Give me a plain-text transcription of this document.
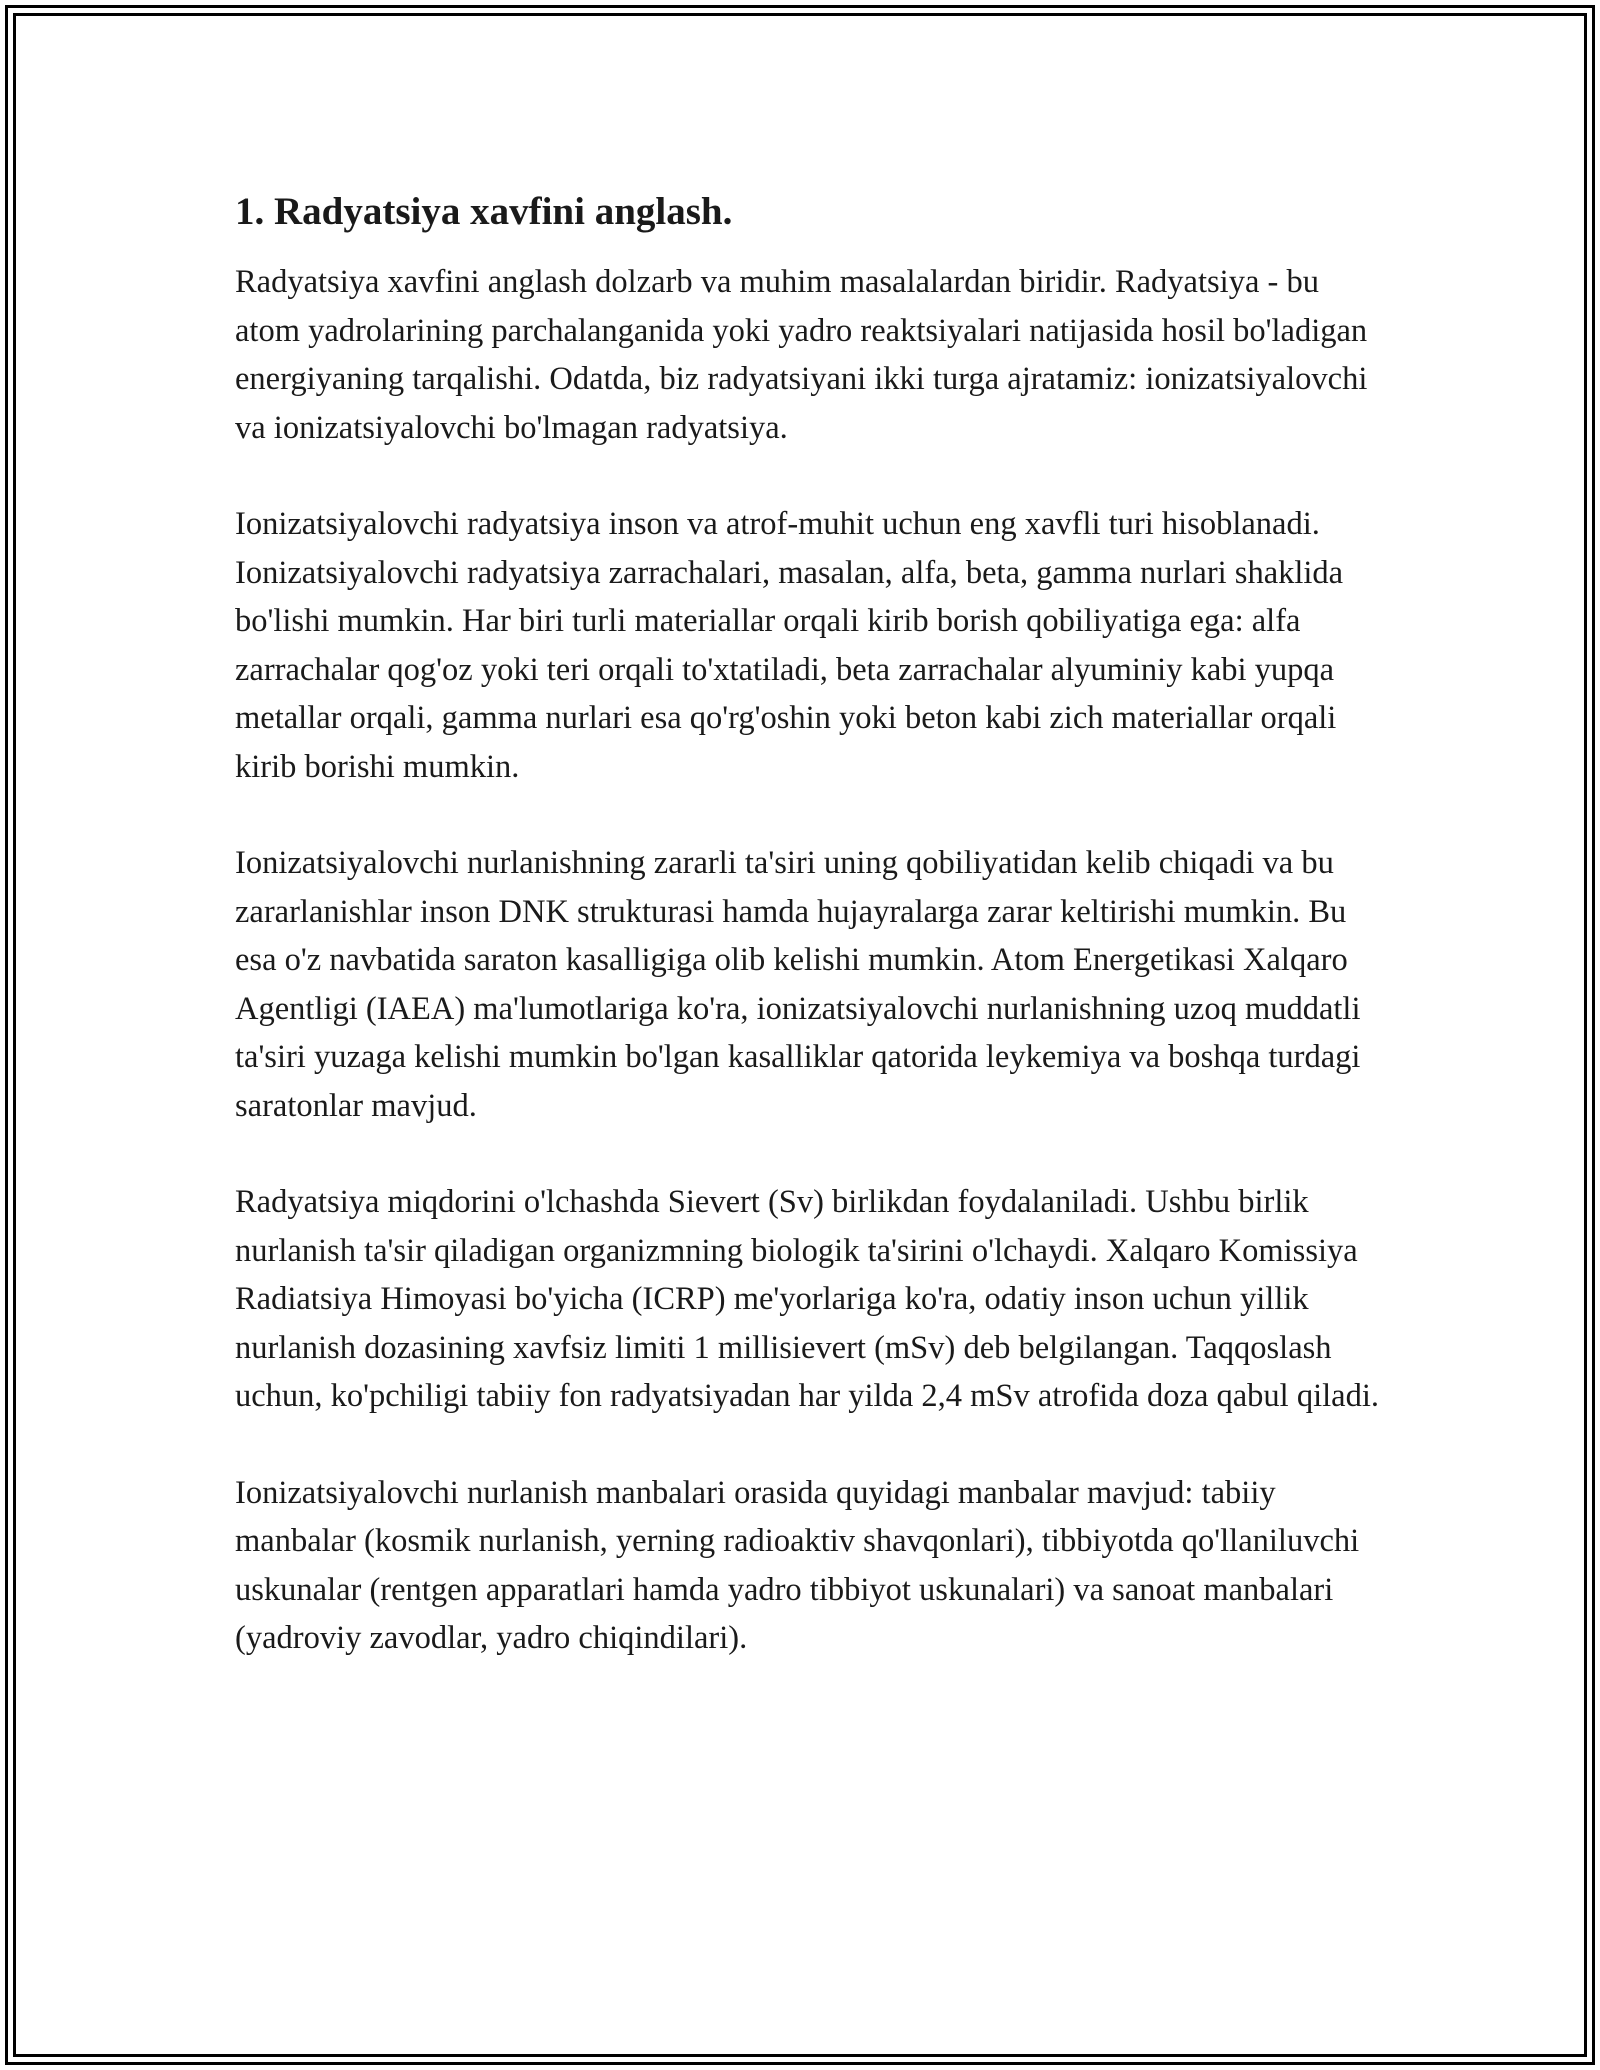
1. Radyatsiya xavfini anglash.

Radyatsiya xavfini anglash dolzarb va muhim masalalardan biridir. Radyatsiya - bu atom yadrolarining parchalanganida yoki yadro reaktsiyalari natijasida hosil bo'ladigan energiyaning tarqalishi. Odatda, biz radyatsiyani ikki turga ajratamiz: ionizatsiyalovchi va ionizatsiyalovchi bo'lmagan radyatsiya.

Ionizatsiyalovchi radyatsiya inson va atrof-muhit uchun eng xavfli turi hisoblanadi. Ionizatsiyalovchi radyatsiya zarrachalari, masalan, alfa, beta, gamma nurlari shaklida bo'lishi mumkin. Har biri turli materiallar orqali kirib borish qobiliyatiga ega: alfa zarrachalar qog'oz yoki teri orqali to'xtatiladi, beta zarrachalar alyuminiy kabi yupqa metallar orqali, gamma nurlari esa qo'rg'oshin yoki beton kabi zich materiallar orqali kirib borishi mumkin.

Ionizatsiyalovchi nurlanishning zararli ta'siri uning qobiliyatidan kelib chiqadi va bu zararlanishlar inson DNK strukturasi hamda hujayralarga zarar keltirishi mumkin. Bu esa o'z navbatida saraton kasalligiga olib kelishi mumkin. Atom Energetikasi Xalqaro Agentligi (IAEA) ma'lumotlariga ko'ra, ionizatsiyalovchi nurlanishning uzoq muddatli ta'siri yuzaga kelishi mumkin bo'lgan kasalliklar qatorida leykemiya va boshqa turdagi saratonlar mavjud.

Radyatsiya miqdorini o'lchashda Sievert (Sv) birlikdan foydalaniladi. Ushbu birlik nurlanish ta'sir qiladigan organizmning biologik ta'sirini o'lchaydi. Xalqaro Komissiya Radiatsiya Himoyasi bo'yicha (ICRP) me'yorlariga ko'ra, odatiy inson uchun yillik nurlanish dozasining xavfsiz limiti 1 millisievert (mSv) deb belgilangan. Taqqoslash uchun, ko'pchiligi tabiiy fon radyatsiyadan har yilda 2,4 mSv atrofida doza qabul qiladi.

Ionizatsiyalovchi nurlanish manbalari orasida quyidagi manbalar mavjud: tabiiy manbalar (kosmik nurlanish, yerning radioaktiv shavqonlari), tibbiyotda qo'llaniluvchi uskunalar (rentgen apparatlari hamda yadro tibbiyot uskunalari) va sanoat manbalari (yadroviy zavodlar, yadro chiqindilari).
